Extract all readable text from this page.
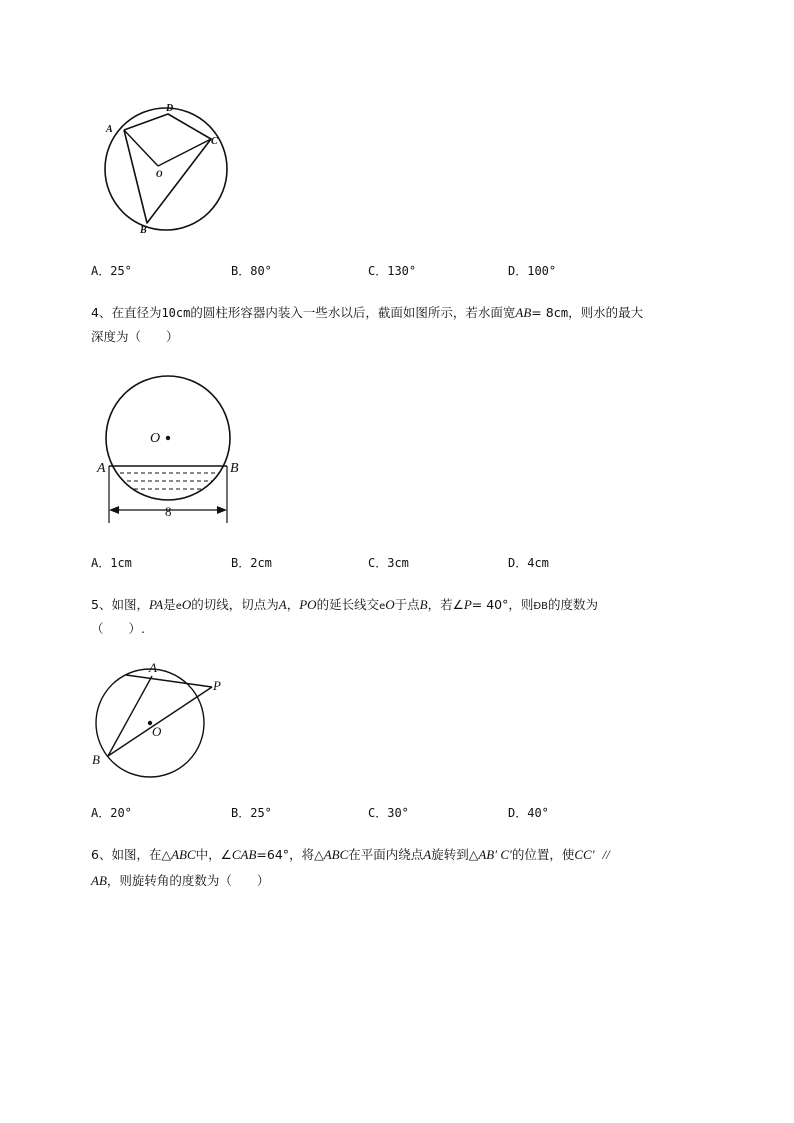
A
D
C
O
B
A．25°	B．80°	C．130°	D．100°
4、在直径为10cm的圆柱形容器内装入一些水以后，截面如图所示，若水面宽AB= 8cm，则水的最大
深度为（　　）
O
A	B
8
A．1cm	B．2cm	C．3cm	D．4cm
5、如图，PA是eO的切线，切点为A，PO的延长线交eO于点B，若∠P= 40°，则ÐB的度数为
（　　）.
A
P
O
B
A．20°	B．25°	C．30°	D．40°
6、如图，在△ABC中，∠CAB=64°，将△ABC在平面内绕点A旋转到△AB′ C′的位置，使CC′ //
AB，则旋转角的度数为（　　）
